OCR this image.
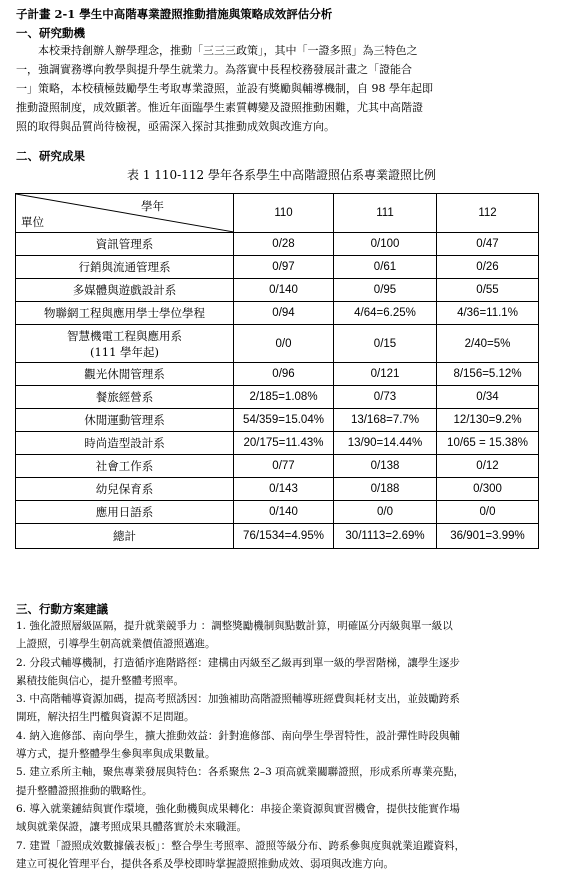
子計畫 2-1 學生中高階專業證照推動措施與策略成效評估分析
一、研究動機
　　本校秉持創辦人辦學理念，推動「三三三政策」，其中「一證多照」為三特色之
一，強調實務導向教學與提升學生就業力。為落實中長程校務發展計畫之「證能合
一」策略，本校積極鼓勵學生考取專業證照，並設有獎勵與輔導機制，自 98 學年起即
推動證照制度，成效顯著。惟近年面臨學生素質轉變及證照推動困難，尤其中高階證
照的取得與品質尚待檢視，亟需深入探討其推動成效與改進方向。
二、研究成果
表 1 110-112 學年各系學生中高階證照佔系專業證照比例
學年
單位	110	111	112

資訊管理系	0/28	0/100	0/47

行銷與流通管理系	0/97	0/61	0/26

多媒體與遊戲設計系	0/140	0/95	0/55

物聯網工程與應用學士學位學程	0/94	4/64=6.25%	4/36=11.1%

智慧機電工程與應用系
(111 學年起)	0/0	0/15	2/40=5%

觀光休閒管理系	0/96	0/121	8/156=5.12%

餐旅經營系	2/185=1.08%	0/73	0/34

休閒運動管理系	54/359=15.04%	13/168=7.7%	12/130=9.2%

時尚造型設計系	20/175=11.43%	13/90=14.44%	10/65 = 15.38%

社會工作系	0/77	0/138	0/12

幼兒保育系	0/143	0/188	0/300

應用日語系	0/140	0/0	0/0

總計	76/1534=4.95%	30/1113=2.69%	36/901=3.99%
三、行動方案建議
1. 強化證照層級區隔，提升就業競爭力 ：調整獎勵機制與點數計算，明確區分丙級與單一級以
上證照，引導學生朝高就業價值證照邁進。
2. 分段式輔導機制，打造循序進階路徑：建構由丙級至乙級再到單一級的學習階梯，讓學生逐步
累積技能與信心，提升整體考照率。
3. 中高階輔導資源加碼，提高考照誘因：加強補助高階證照輔導班經費與耗材支出，並鼓勵跨系
開班，解決招生門檻與資源不足問題。
4. 納入進修部、南向學生，擴大推動效益：針對進修部、南向學生學習特性，設計彈性時段與輔
導方式，提升整體學生參與率與成果數量。
5. 建立系所主軸，聚焦專業發展與特色：各系聚焦 2–3 項高就業關聯證照，形成系所專業亮點，
提升整體證照推動的戰略性。
6. 導入就業鏈結與實作環境，強化動機與成果轉化：串接企業資源與實習機會，提供技能實作場
域與就業保證，讓考照成果具體落實於未來職涯。
7. 建置「證照成效數據儀表板」：整合學生考照率、證照等級分布、跨系參與度與就業追蹤資料，
建立可視化管理平台，提供各系及學校即時掌握證照推動成效、弱項與改進方向。
